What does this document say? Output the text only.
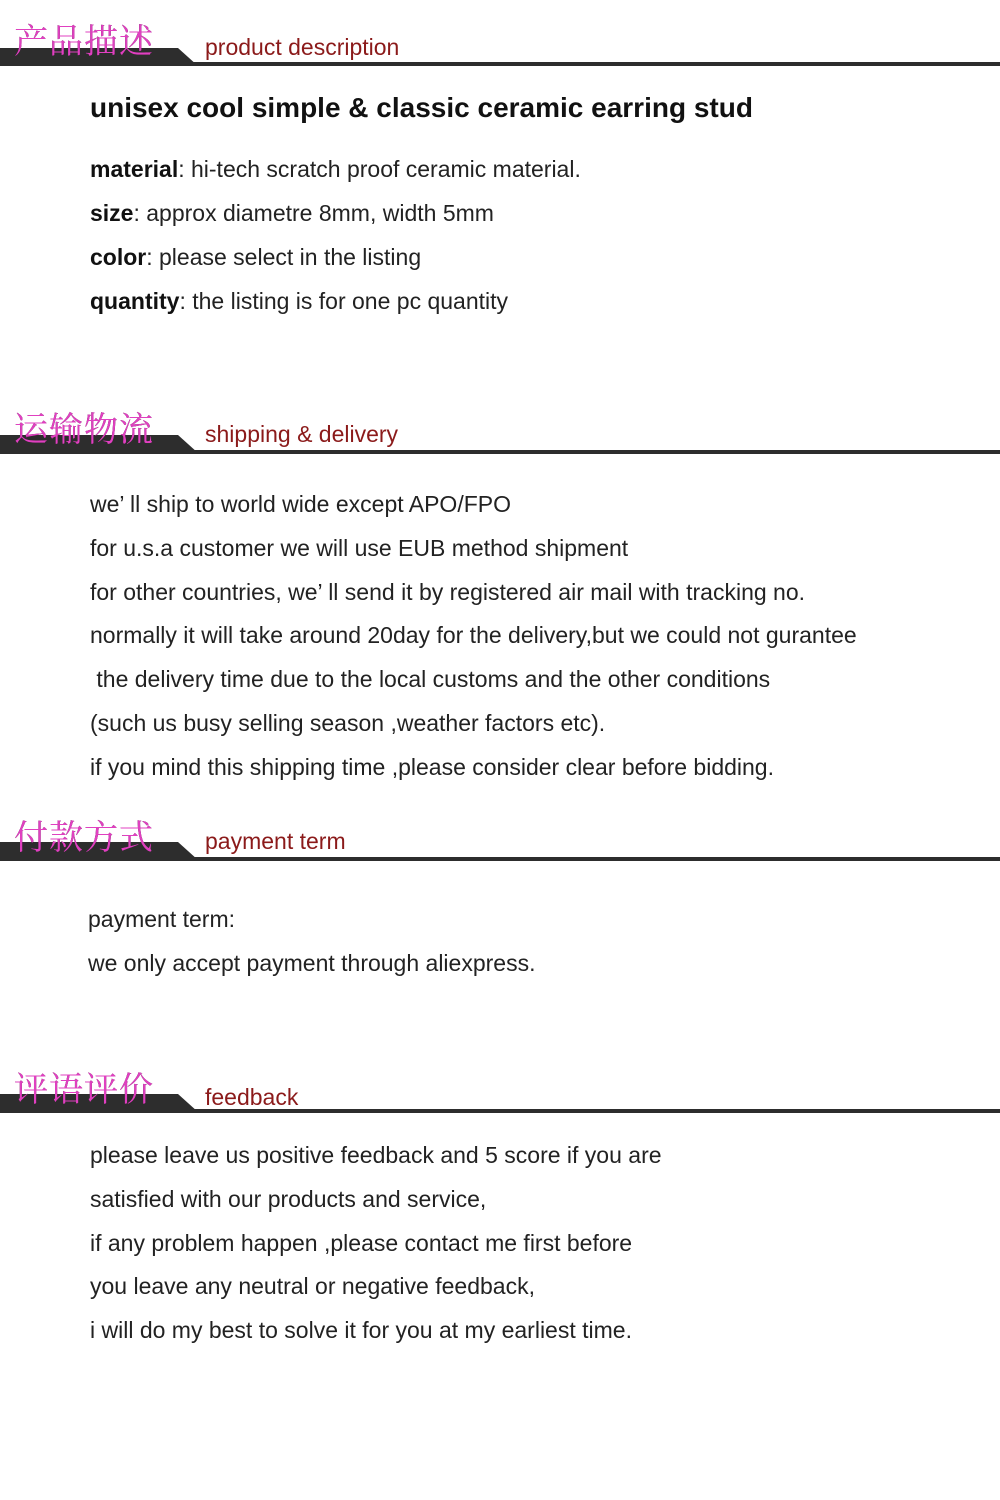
产品描述 product description
unisex cool simple & classic ceramic earring stud
material: hi-tech scratch proof ceramic material.
size: approx diametre 8mm, width 5mm
color: please select in the listing
quantity: the listing is for one pc quantity
运输物流 shipping & delivery
we’ ll ship to world wide except APO/FPO
for u.s.a customer we will use EUB method shipment
for other countries, we’ ll send it by registered air mail with tracking no.
normally it will take around 20day for the delivery,but we could not gurantee
the delivery time due to the local customs and the other conditions
(such us busy selling season ,weather factors etc).
if you mind this shipping time ,please consider clear before bidding.
付款方式 payment term
payment term:
we only accept payment through aliexpress.
评语评价 feedback
please leave us positive feedback and 5 score if you are
satisfied with our products and service,
if any problem happen ,please contact me first before
you leave any neutral or negative feedback,
i will do my best to solve it for you at my earliest time.
